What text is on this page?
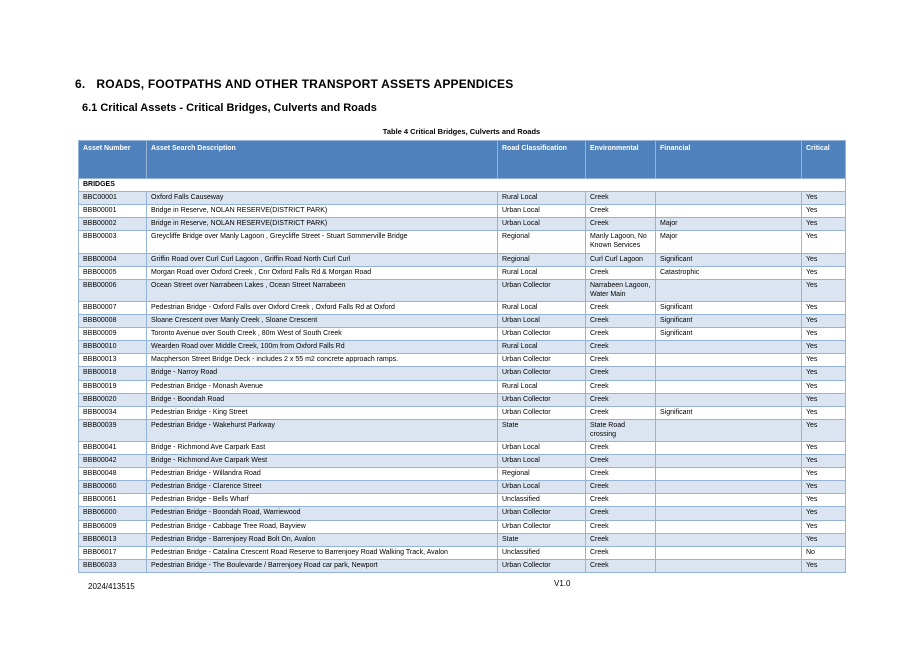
6. ROADS, FOOTPATHS AND OTHER TRANSPORT ASSETS APPENDICES
6.1 Critical Assets - Critical Bridges, Culverts and Roads
Table 4 Critical Bridges, Culverts and Roads
Asset Number	Asset Search Description	Road Classification	Environmental	Financial	Critical
BRIDGES					
BBC00001	Oxford Falls Causeway	Rural Local	Creek		Yes
BBB00001	Bridge in Reserve, NOLAN RESERVE(DISTRICT PARK)	Urban Local	Creek		Yes
BBB00002	Bridge in Reserve, NOLAN RESERVE(DISTRICT PARK)	Urban Local	Creek	Major	Yes
BBB00003	Greycliffe Bridge over Manly Lagoon , Greycliffe Street - Stuart Sommerville Bridge	Regional	Manly Lagoon, No Known Services	Major	Yes
BBB00004	Griffin Road over Curl Curl Lagoon , Griffin Road North Curl Curl	Regional	Curl Curl Lagoon	Significant	Yes
BBB00005	Morgan Road over Oxford Creek , Cnr Oxford Falls Rd & Morgan Road	Rural Local	Creek	Catastrophic	Yes
BBB00006	Ocean Street over Narrabeen Lakes , Ocean Street Narrabeen	Urban Collector	Narrabeen Lagoon, Water Main		Yes
BBB00007	Pedestrian Bridge - Oxford Falls over Oxford Creek , Oxford Falls Rd at Oxford	Rural Local	Creek	Significant	Yes
BBB00008	Sloane Crescent over Manly Creek , Sloane Crescent	Urban Local	Creek	Significant	Yes
BBB00009	Toronto Avenue over South Creek , 80m West of South Creek	Urban Collector	Creek	Significant	Yes
BBB00010	Wearden Road over Middle Creek, 100m from Oxford Falls Rd	Rural Local	Creek		Yes
BBB00013	Macpherson Street Bridge Deck - includes 2 x 55 m2 concrete approach ramps.	Urban Collector	Creek		Yes
BBB00018	Bridge - Narroy Road	Urban Collector	Creek		Yes
BBB00019	Pedestrian Bridge - Monash Avenue	Rural Local	Creek		Yes
BBB00020	Bridge - Boondah Road	Urban Collector	Creek		Yes
BBB00034	Pedestrian Bridge - King Street	Urban Collector	Creek	Significant	Yes
BBB00039	Pedestrian Bridge - Wakehurst Parkway	State	State Road crossing		Yes
BBB00041	Bridge - Richmond Ave Carpark East	Urban Local	Creek		Yes
BBB00042	Bridge - Richmond Ave Carpark West	Urban Local	Creek		Yes
BBB00048	Pedestrian Bridge - Willandra Road	Regional	Creek		Yes
BBB00060	Pedestrian Bridge - Clarence Street	Urban Local	Creek		Yes
BBB00061	Pedestrian Bridge - Bells Wharf	Unclassified	Creek		Yes
BBB06000	Pedestrian Bridge - Boondah Road, Warriewood	Urban Collector	Creek		Yes
BBB06009	Pedestrian Bridge - Cabbage Tree Road, Bayview	Urban Collector	Creek		Yes
BBB06013	Pedestrian Bridge - Barrenjoey Road Bolt On, Avalon	State	Creek		Yes
BBB06017	Pedestrian Bridge - Catalina Crescent Road Reserve to Barrenjoey Road Walking Track, Avalon	Unclassified	Creek		No
BBB06033	Pedestrian Bridge - The Boulevarde / Barrenjoey Road car park, Newport	Urban Collector	Creek		Yes
2024/413515	V1.0
